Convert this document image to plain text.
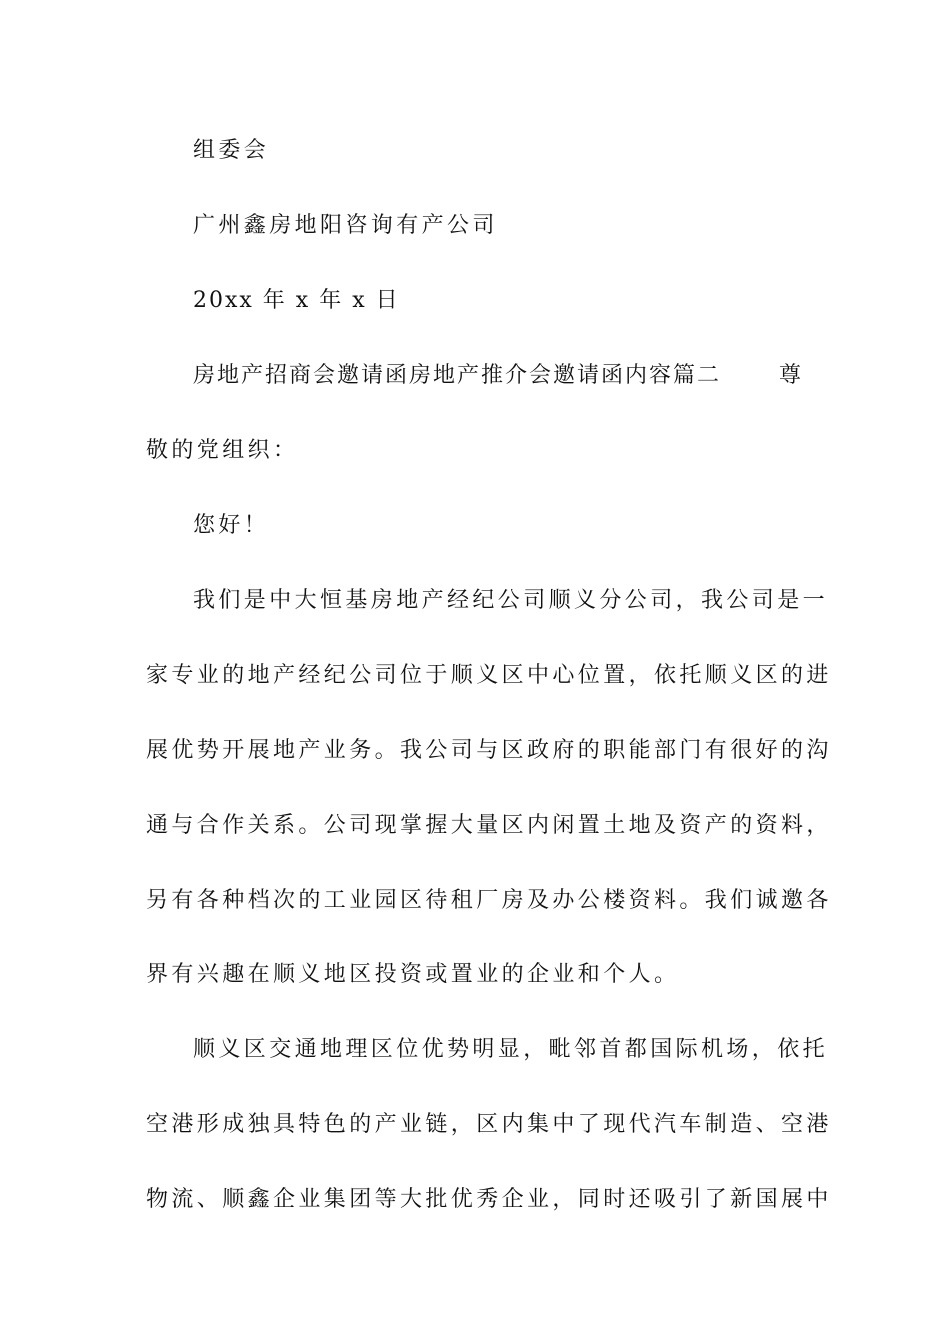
组委会
广州鑫房地阳咨询有产公司
20xx 年 x 年 x 日
房地产招商会邀请函房地产推介会邀请函内容篇二	尊
敬的党组织：
您好！
我们是中大恒基房地产经纪公司顺义分公司，我公司是一
家专业的地产经纪公司位于顺义区中心位置，依托顺义区的进
展优势开展地产业务。我公司与区政府的职能部门有很好的沟
通与合作关系。公司现掌握大量区内闲置土地及资产的资料，
另有各种档次的工业园区待租厂房及办公楼资料。我们诚邀各
界有兴趣在顺义地区投资或置业的企业和个人。
顺义区交通地理区位优势明显，毗邻首都国际机场，依托
空港形成独具特色的产业链，区内集中了现代汽车制造、空港
物流、顺鑫企业集团等大批优秀企业，同时还吸引了新国展中
